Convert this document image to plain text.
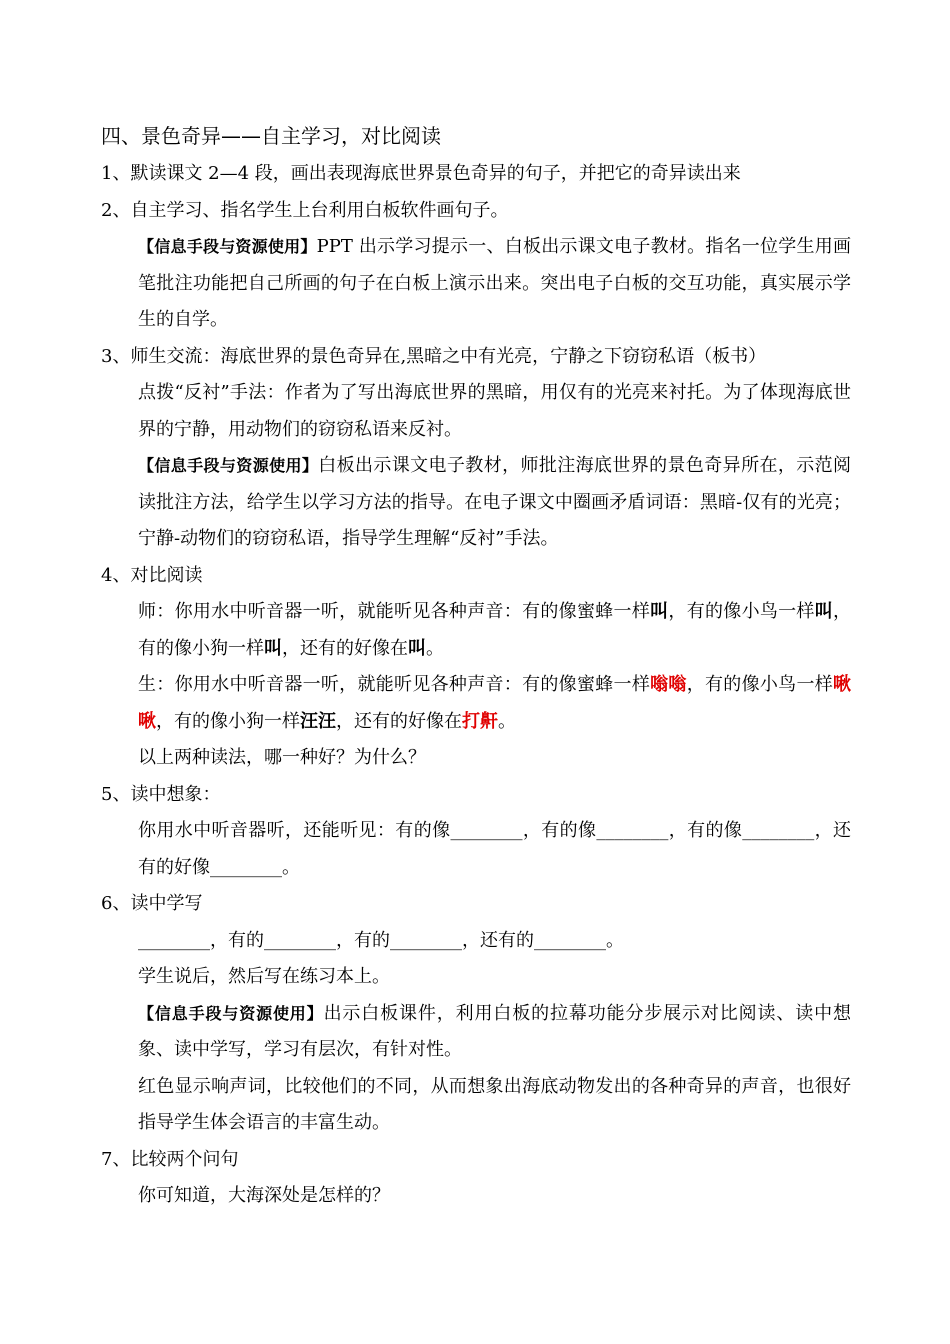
四、景色奇异——自主学习，对比阅读
1、默读课文 2—4 段，画出表现海底世界景色奇异的句子，并把它的奇异读出来
2、自主学习、指名学生上台利用白板软件画句子。
【信息手段与资源使用】PPT 出示学习提示一、白板出示课文电子教材。指名一位学生用画笔批注功能把自己所画的句子在白板上演示出来。突出电子白板的交互功能，真实展示学生的自学。
3、师生交流：海底世界的景色奇异在,黑暗之中有光亮，宁静之下窃窃私语（板书）
点拨“反衬”手法：作者为了写出海底世界的黑暗，用仅有的光亮来衬托。为了体现海底世界的宁静，用动物们的窃窃私语来反衬。
【信息手段与资源使用】白板出示课文电子教材，师批注海底世界的景色奇异所在，示范阅读批注方法，给学生以学习方法的指导。在电子课文中圈画矛盾词语：黑暗-仅有的光亮；宁静-动物们的窃窃私语，指导学生理解“反衬”手法。
4、对比阅读
师：你用水中听音器一听，就能听见各种声音：有的像蜜蜂一样叫，有的像小鸟一样叫，有的像小狗一样叫，还有的好像在叫。
生：你用水中听音器一听，就能听见各种声音：有的像蜜蜂一样嗡嗡，有的像小鸟一样啾啾，有的像小狗一样汪汪，还有的好像在打鼾。
以上两种读法，哪一种好？为什么？
5、读中想象：
你用水中听音器听，还能听见：有的像________，有的像________，有的像________，还有的好像________。
6、读中学写
________，有的________，有的________，还有的________。
学生说后，然后写在练习本上。
【信息手段与资源使用】出示白板课件，利用白板的拉幕功能分步展示对比阅读、读中想象、读中学写，学习有层次，有针对性。
红色显示响声词，比较他们的不同，从而想象出海底动物发出的各种奇异的声音，也很好指导学生体会语言的丰富生动。
7、比较两个问句
你可知道，大海深处是怎样的？
